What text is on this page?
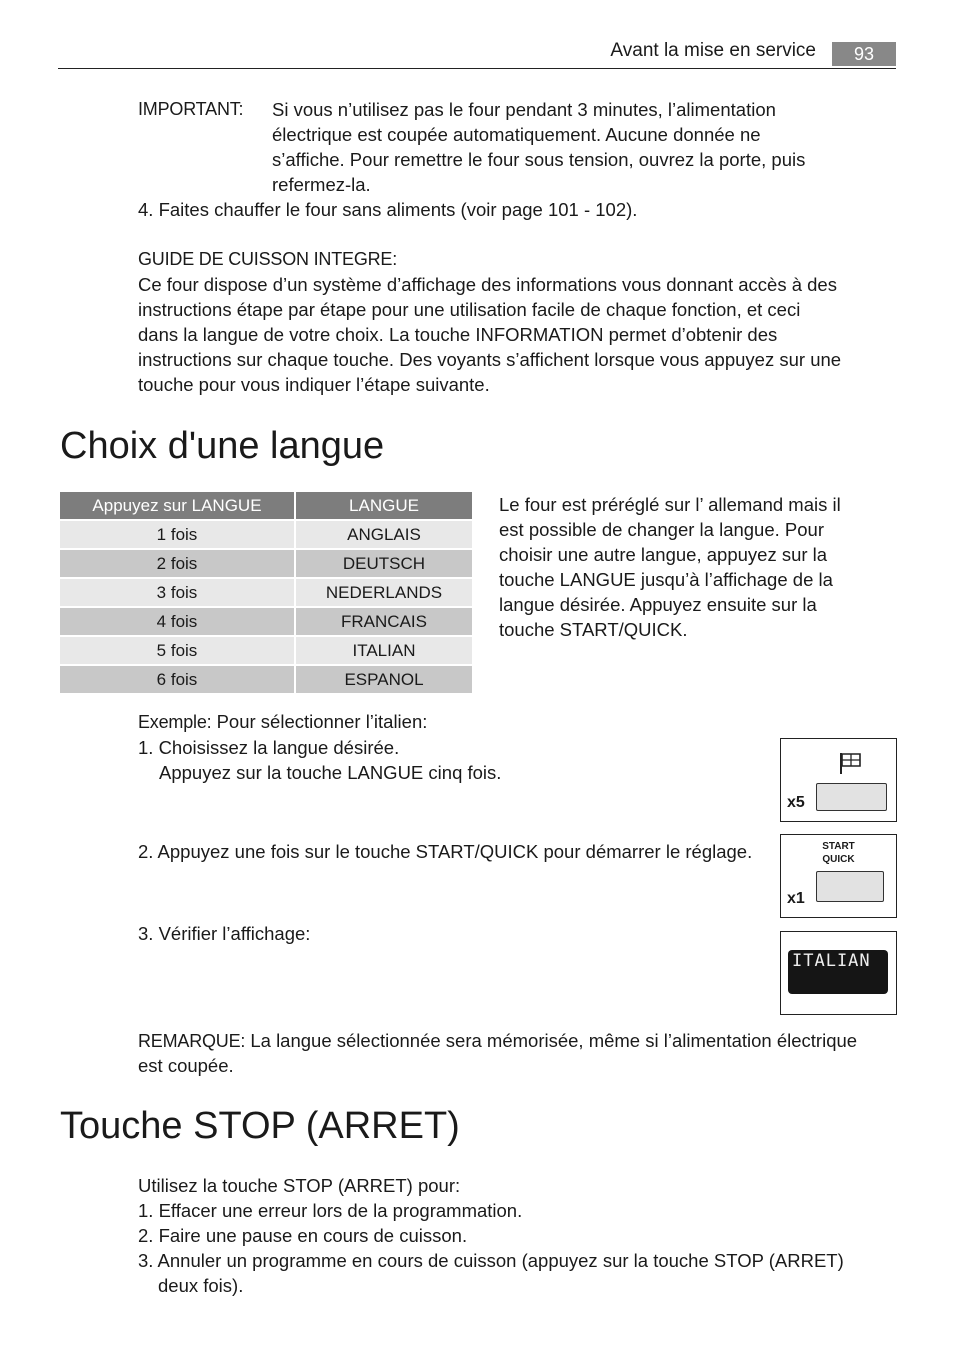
Avant la mise en service	93
IMPORTANT: Si vous n’utilisez pas le four pendant 3 minutes, l’alimentation
électrique est coupée automatiquement. Aucune donnée ne
s’affiche. Pour remettre le four sous tension, ouvrez la porte, puis
refermez-la.
4. Faites chauffer le four sans aliments (voir page 101 - 102).
GUIDE DE CUISSON INTEGRE:
Ce four dispose d’un système d’affichage des informations vous donnant accès à des
instructions étape par étape pour une utilisation facile de chaque fonction, et ceci
dans la langue de votre choix. La touche INFORMATION permet d’obtenir des
instructions sur chaque touche. Des voyants s’affichent lorsque vous appuyez sur une
touche pour vous indiquer l’étape suivante.
Choix d'une langue
Appuyez sur LANGUE	LANGUE
1 fois	ANGLAIS
2 fois	DEUTSCH
3 fois	NEDERLANDS
4 fois	FRANCAIS
5 fois	ITALIAN
6 fois	ESPANOL
Le four est préréglé sur l’ allemand mais il
est possible de changer la langue. Pour
choisir une autre langue, appuyez sur la
touche LANGUE jusqu’à l’affichage de la
langue désirée. Appuyez ensuite sur la
touche START/QUICK.
Exemple: Pour sélectionner l’italien:
1. Choisissez la langue désirée.
Appuyez sur la touche LANGUE cinq fois.
2. Appuyez une fois sur le touche START/QUICK pour démarrer le réglage.
3. Vérifier l’affichage:
x5
START
QUICK
x1
ITALIAN
REMARQUE: La langue sélectionnée sera mémorisée, même si l’alimentation électrique
est coupée.
Touche STOP (ARRET)
Utilisez la touche STOP (ARRET) pour:
1. Effacer une erreur lors de la programmation.
2. Faire une pause en cours de cuisson.
3. Annuler un programme en cours de cuisson (appuyez sur la touche STOP (ARRET)
deux fois).
